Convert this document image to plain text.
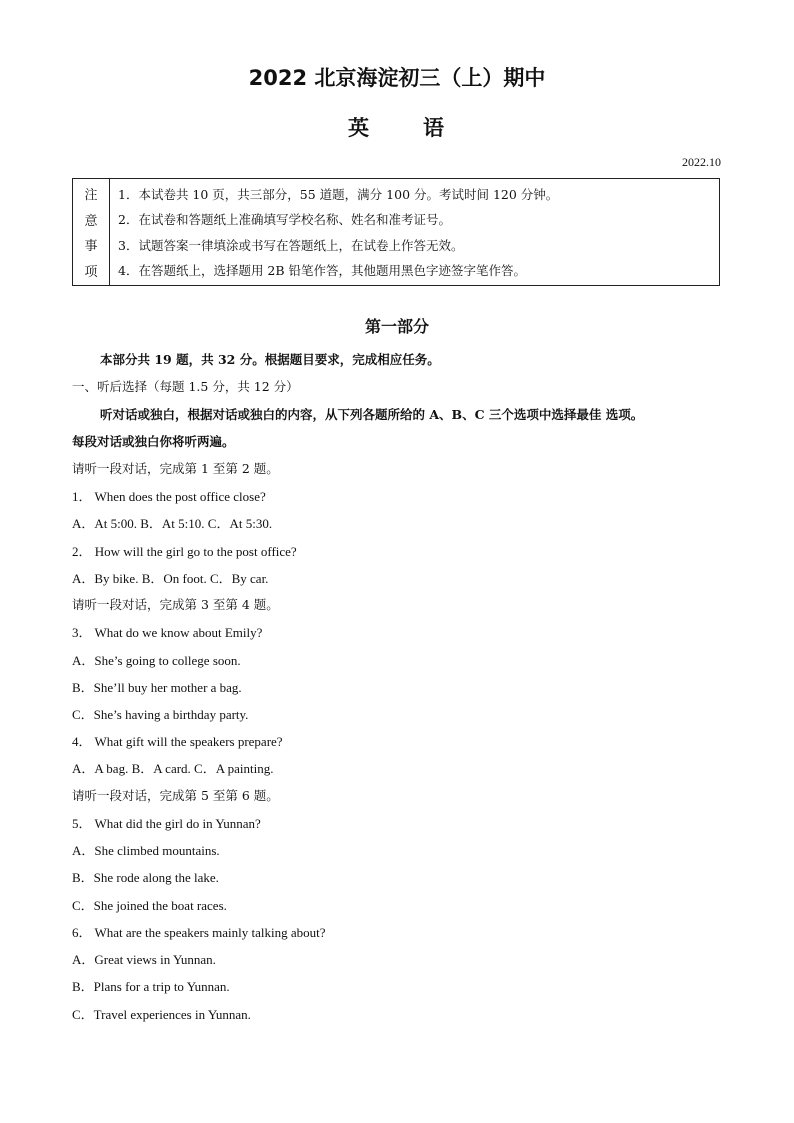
2022 北京海淀初三（上）期中
英 语
2022.10
注
意
事
项
1．本试卷共 10 页，共三部分，55 道题，满分 100 分。考试时间 120 分钟。
2．在试卷和答题纸上准确填写学校名称、姓名和准考证号。
3．试题答案一律填涂或书写在答题纸上，在试卷上作答无效。
4．在答题纸上，选择题用 2B 铅笔作答，其他题用黑色字迹签字笔作答。
第一部分
本部分共 19 题，共 32 分。根据题目要求，完成相应任务。
一、听后选择（每题 1.5 分，共 12 分）
听对话或独白，根据对话或独白的内容，从下列各题所给的 A、B、C 三个选项中选择最佳 选项。
每段对话或独白你将听两遍。
请听一段对话，完成第 1 至第 2 题。
1． When does the post office close?
A．At 5:00. B．At 5:10. C．At 5:30.
2． How will the girl go to the post office?
A．By bike. B．On foot. C．By car.
请听一段对话，完成第 3 至第 4 题。
3． What do we know about Emily?
A．She’s going to college soon.
B．She’ll buy her mother a bag.
C．She’s having a birthday party.
4． What gift will the speakers prepare?
A．A bag. B．A card. C．A painting.
请听一段对话，完成第 5 至第 6 题。
5． What did the girl do in Yunnan?
A．She climbed mountains.
B．She rode along the lake.
C．She joined the boat races.
6． What are the speakers mainly talking about?
A．Great views in Yunnan.
B．Plans for a trip to Yunnan.
C．Travel experiences in Yunnan.
